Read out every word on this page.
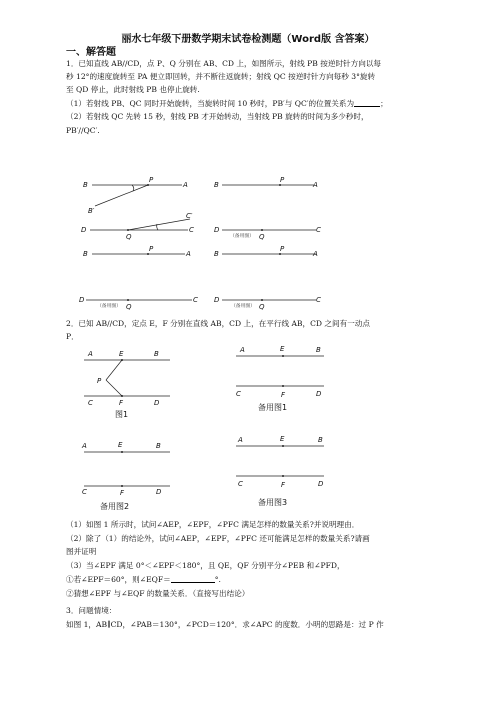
丽水七年级下册数学期末试卷检测题（Word版 含答案）
一、解答题
1．已知直线 AB//CD，点 P、Q 分别在 AB、CD 上，如图所示，射线 PB 按逆时针方向以每
秒 12°的速度旋转至 PA 便立即回转，并不断往返旋转；射线 QC 按逆时针方向每秒 3°旋转
至 QD 停止，此时射线 PB 也停止旋转.
（1）若射线 PB、QC 同时开始旋转，当旋转时间 10 秒时，PB′与 QC′的位置关系为	；
（2）若射线 QC 先转 15 秒，射线 PB 才开始转动，当射线 PB 旋转的时间为多少秒时，
PB′//QC′.
2．已知 AB//CD，定点 E，F 分别在直线 AB，CD 上，在平行线 AB，CD 之间有一动点
P．
（1）如图 1 所示时，试问∠AEP，∠EPF，∠PFC 满足怎样的数量关系?并说明理由．
（2）除了（1）的结论外，试问∠AEP，∠EPF，∠PFC 还可能满足怎样的数量关系?请画
图并证明
（3）当∠EPF 满足 0°＜∠EPF＜180°，且 QE，QF 分别平分∠PEB 和∠PFD，
①若∠EPF＝60°，则∠EQF＝	°.
②猜想∠EPF 与∠EQF 的数量关系．（直接写出结论）
3．问题情境：
如图 1，AB∥CD，∠PAB＝130°，∠PCD＝120°．求∠APC 的度数．小明的思路是：过 P 作
B
P
A
B′
D
C′
C
Q
B
P
A
D	C
Q
（备用图）
B
P
A
D	C
Q
（备用图）
B
P
A
D	C
Q
（备用图）
A	E	B
P
C	F	D
图1
A	E	B
C	F	D
备用图1
A	E	B
C	F	D
备用图2
A	E	B
C	F	D
备用图3
